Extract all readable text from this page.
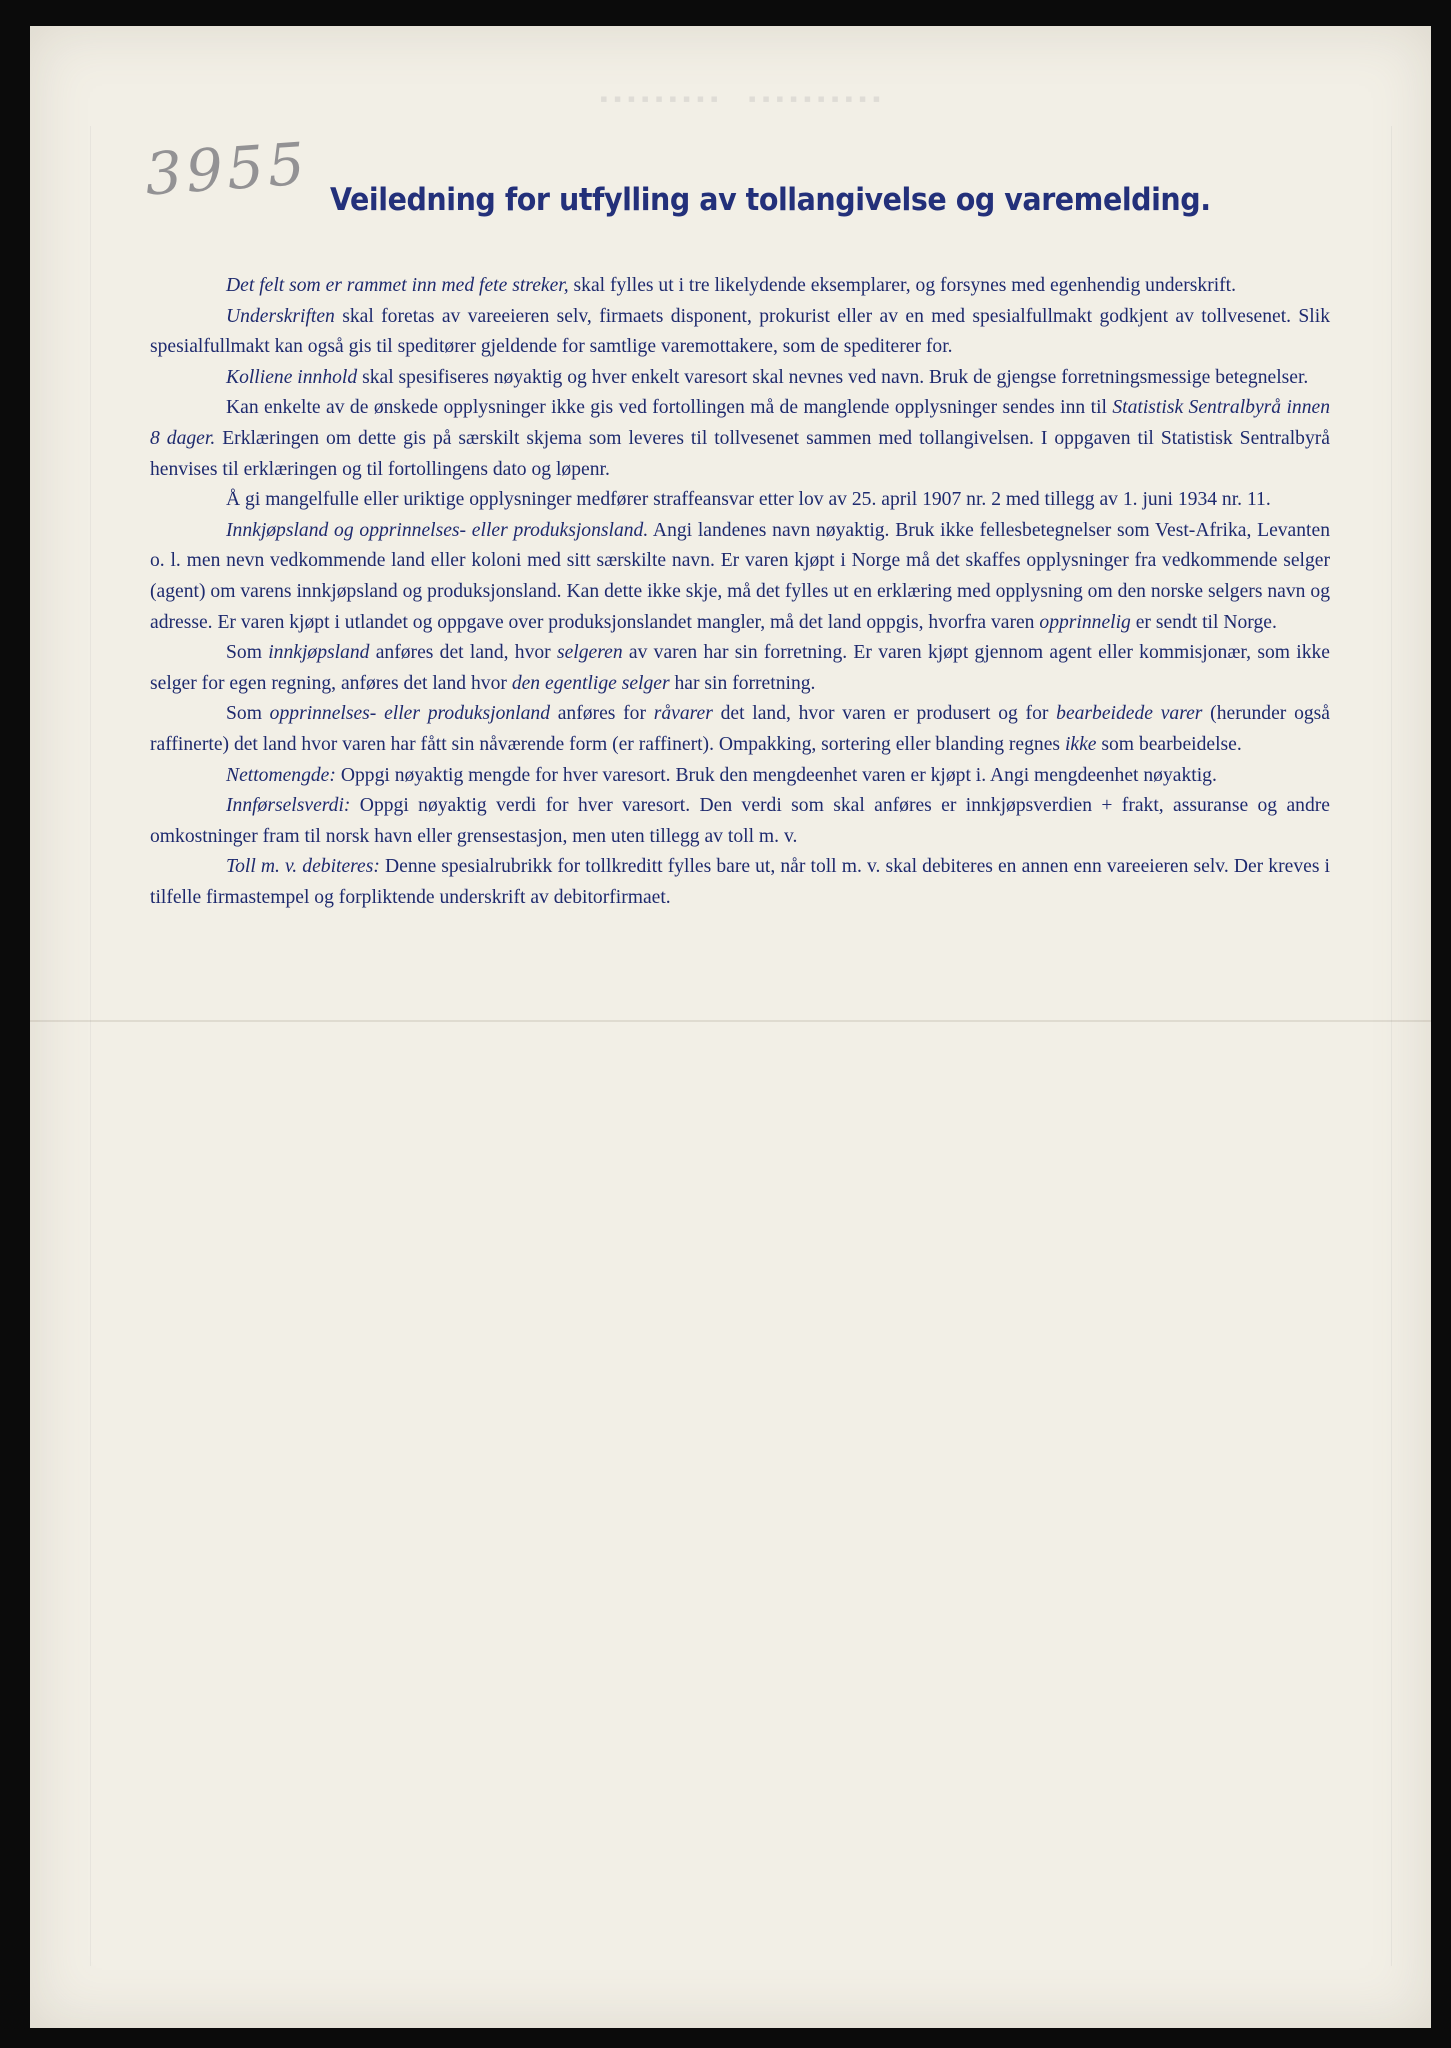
▪▪▪▪▪▪▪▪▪  ▪▪▪▪▪▪▪▪▪▪
3955 Veiledning for utfylling av tollangivelse og varemelding.

Det felt som er rammet inn med fete streker, skal fylles ut i tre likelydende eksemplarer, og forsynes med egenhendig underskrift.

Underskriften skal foretas av vareeieren selv, firmaets disponent, prokurist eller av en med spesialfullmakt godkjent av tollvesenet. Slik spesialfullmakt kan også gis til speditører gjeldende for samtlige varemottakere, som de spediterer for.

Kolliene innhold skal spesifiseres nøyaktig og hver enkelt varesort skal nevnes ved navn. Bruk de gjengse forretningsmessige betegnelser.

Kan enkelte av de ønskede opplysninger ikke gis ved fortollingen må de manglende opplysninger sendes inn til Statistisk Sentralbyrå innen 8 dager. Erklæringen om dette gis på særskilt skjema som leveres til tollvesenet sammen med tollangivelsen. I oppgaven til Statistisk Sentralbyrå henvises til erklæringen og til fortollingens dato og løpenr.

Å gi mangelfulle eller uriktige opplysninger medfører straffeansvar etter lov av 25. april 1907 nr. 2 med tillegg av 1. juni 1934 nr. 11.

Innkjøpsland og opprinnelses- eller produksjonsland. Angi landenes navn nøyaktig. Bruk ikke fellesbetegnelser som Vest-Afrika, Levanten o. l. men nevn vedkommende land eller koloni med sitt særskilte navn. Er varen kjøpt i Norge må det skaffes opplysninger fra vedkommende selger (agent) om varens innkjøpsland og produksjonsland. Kan dette ikke skje, må det fylles ut en erklæring med opplysning om den norske selgers navn og adresse. Er varen kjøpt i utlandet og oppgave over produksjonslandet mangler, må det land oppgis, hvorfra varen opprinnelig er sendt til Norge.

Som innkjøpsland anføres det land, hvor selgeren av varen har sin forretning. Er varen kjøpt gjennom agent eller kommisjonær, som ikke selger for egen regning, anføres det land hvor den egentlige selger har sin forretning.

Som opprinnelses- eller produksjonland anføres for råvarer det land, hvor varen er produsert og for bearbeidede varer (herunder også raffinerte) det land hvor varen har fått sin nåværende form (er raffinert). Ompakking, sortering eller blanding regnes ikke som bearbeidelse.

Nettomengde: Oppgi nøyaktig mengde for hver varesort. Bruk den mengdeenhet varen er kjøpt i. Angi mengdeenhet nøyaktig.

Innførselsverdi: Oppgi nøyaktig verdi for hver varesort. Den verdi som skal anføres er innkjøpsverdien + frakt, assuranse og andre omkostninger fram til norsk havn eller grensestasjon, men uten tillegg av toll m. v.

Toll m. v. debiteres: Denne spesialrubrikk for tollkreditt fylles bare ut, når toll m. v. skal debiteres en annen enn vareeieren selv. Der kreves i tilfelle firmastempel og forpliktende underskrift av debitorfirmaet.
